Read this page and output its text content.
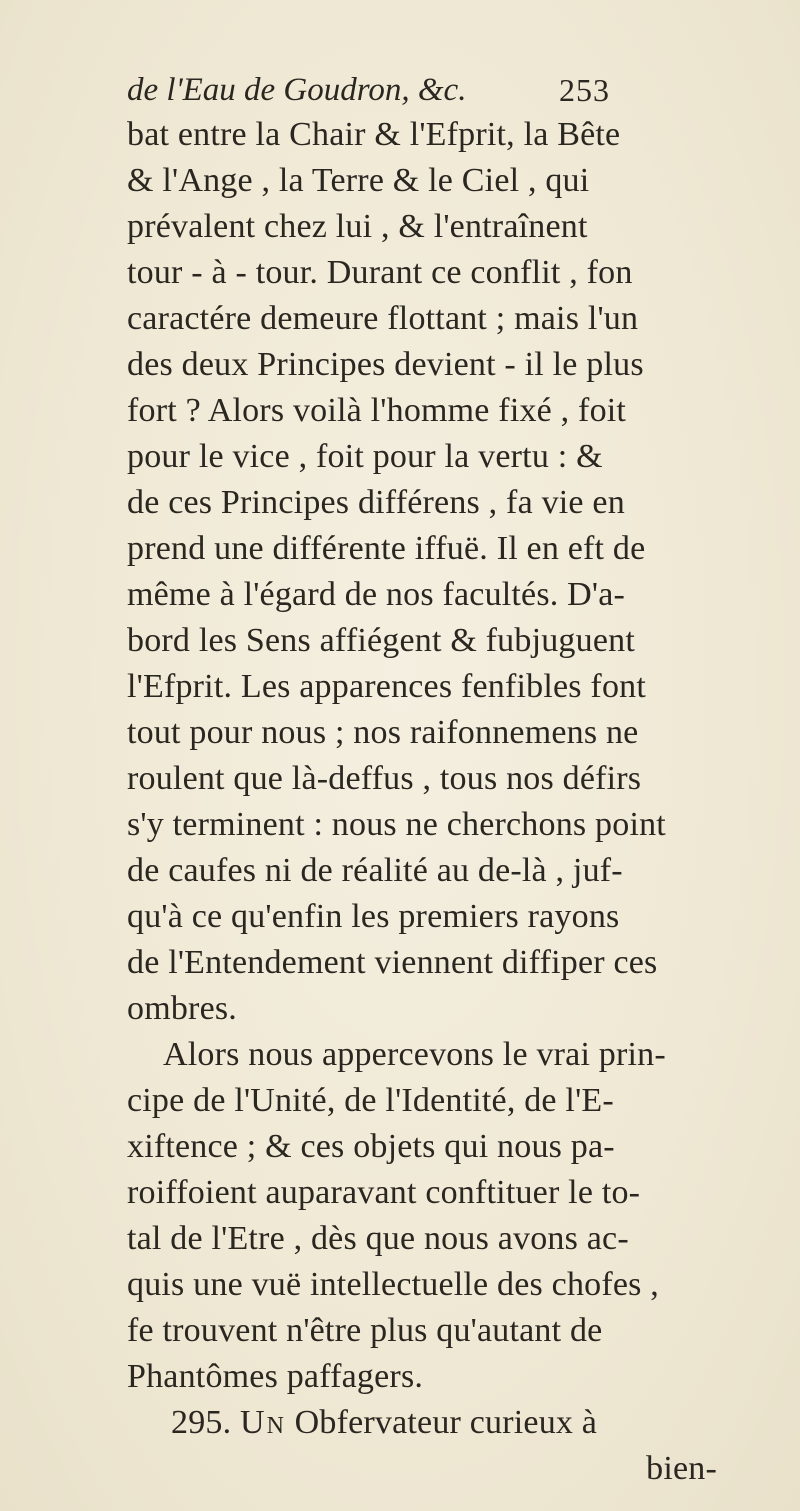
de l'Eau de Goudron, &c.	253
bat entre la Chair & l'Efprit, la Bête
& l'Ange , la Terre & le Ciel , qui
prévalent chez lui , & l'entraînent
tour - à - tour. Durant ce conflit , fon
caractére demeure flottant ; mais l'un
des deux Principes devient - il le plus
fort ? Alors voilà l'homme fixé , foit
pour le vice , foit pour la vertu : &
de ces Principes différens , fa vie en
prend une différente iffuë. Il en eft de
même à l'égard de nos facultés. D'a-
bord les Sens affiégent & fubjuguent
l'Efprit. Les apparences fenfibles font
tout pour nous ; nos raifonnemens ne
roulent que là-deffus , tous nos défirs
s'y terminent : nous ne cherchons point
de caufes ni de réalité au de-là , juf-
qu'à ce qu'enfin les premiers rayons
de l'Entendement viennent diffiper ces
ombres.
Alors nous appercevons le vrai prin-
cipe de l'Unité, de l'Identité, de l'E-
xiftence ; & ces objets qui nous pa-
roiffoient auparavant conftituer le to-
tal de l'Etre , dès que nous avons ac-
quis une vuë intellectuelle des chofes ,
fe trouvent n'être plus qu'autant de
Phantômes paffagers.
295. Un Obfervateur curieux à
bien-
